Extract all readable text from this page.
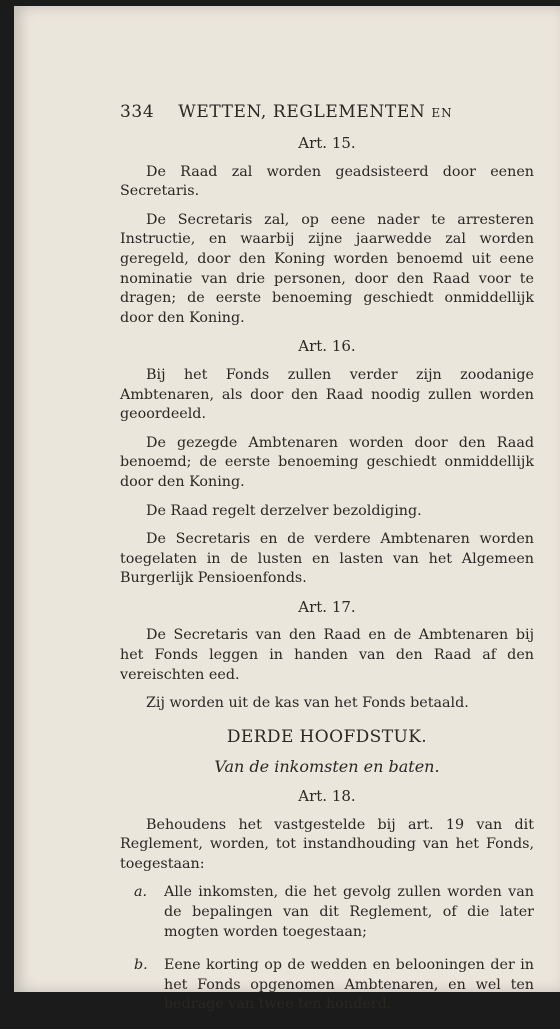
334 WETTEN, REGLEMENTEN EN
Art. 15.

De Raad zal worden geadsisteerd door eenen Secretaris.

De Secretaris zal, op eene nader te arresteren Instructie, en waarbij zijne jaarwedde zal worden geregeld, door den Koning worden benoemd uit eene nominatie van drie personen, door den Raad voor te dragen; de eerste benoeming geschiedt onmiddellijk door den Koning.

Art. 16.

Bij het Fonds zullen verder zijn zoodanige Ambtenaren, als door den Raad noodig zullen worden geoordeeld.

De gezegde Ambtenaren worden door den Raad benoemd; de eerste benoeming geschiedt onmiddellijk door den Koning.

De Raad regelt derzelver bezoldiging.

De Secretaris en de verdere Ambtenaren worden toegelaten in de lusten en lasten van het Algemeen Burgerlijk Pensioenfonds.

Art. 17.

De Secretaris van den Raad en de Ambtenaren bij het Fonds leggen in handen van den Raad af den vereischten eed.

Zij worden uit de kas van het Fonds betaald.

DERDE HOOFDSTUK.
Van de inkomsten en baten.
Art. 18.

Behoudens het vastgestelde bij art. 19 van dit Reglement, worden, tot instandhouding van het Fonds, toegestaan:

a.	Alle inkomsten, die het gevolg zullen worden van de bepalingen van dit Reglement, of die later mogten worden toegestaan;
b.	Eene korting op de wedden en belooningen der in het Fonds opgenomen Ambtenaren, en wel ten bedrage van twee ten honderd.
